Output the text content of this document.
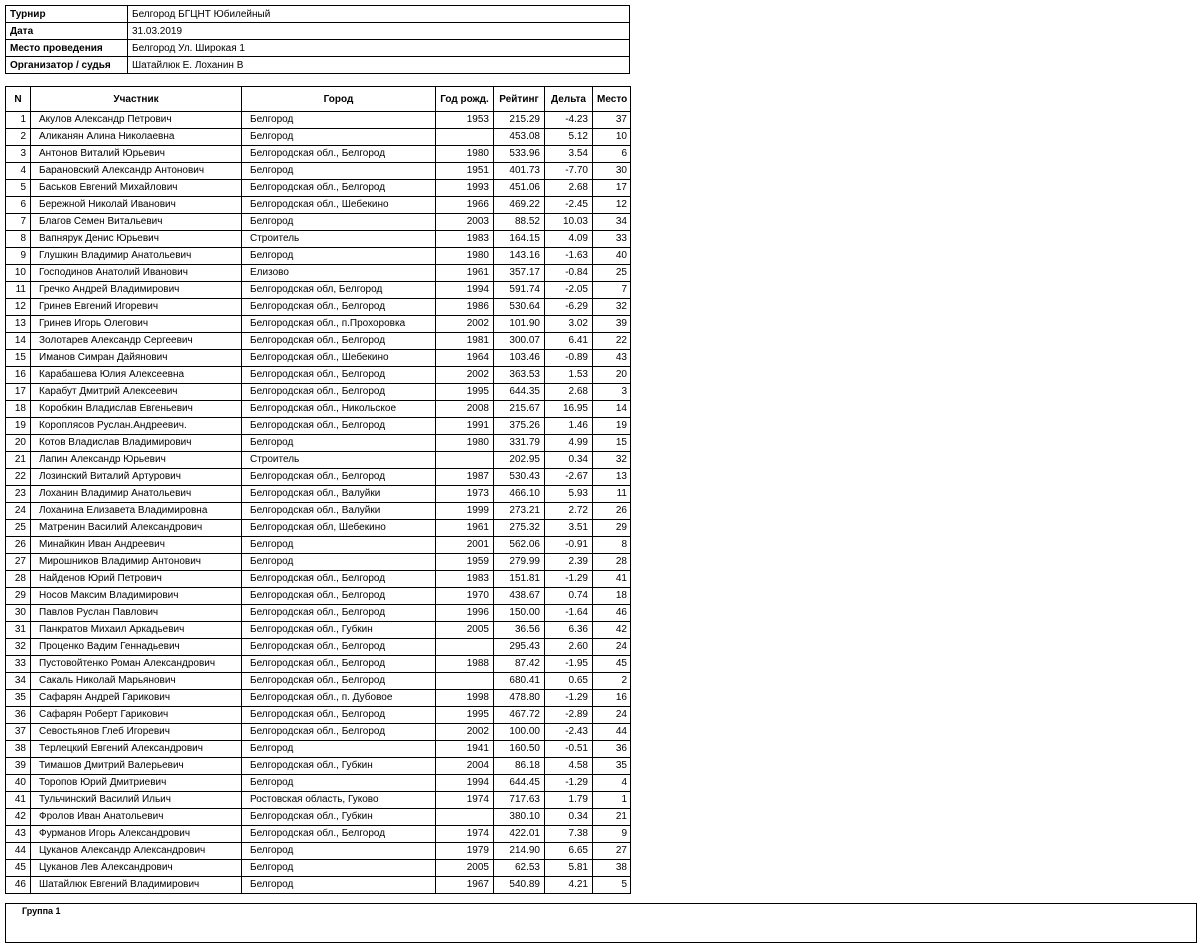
Турнир	Белгород БГЦНТ Юбилейный
Дата	31.03.2019
Место проведения	Белгород Ул. Широкая 1
Организатор / судья	Шатайлюк Е. Лоханин В
N	Участник	Город	Год рожд.	Рейтинг	Дельта	Место
1	Акулов Александр Петрович	Белгород	1953	215.29	-4.23	37
2	Аликанян Алина Николаевна	Белгород		453.08	5.12	10
3	Антонов Виталий Юрьевич	Белгородская обл., Белгород	1980	533.96	3.54	6
4	Барановский Александр Антонович	Белгород	1951	401.73	-7.70	30
5	Баськов Евгений Михайлович	Белгородская обл., Белгород	1993	451.06	2.68	17
6	Бережной Николай Иванович	Белгородская обл., Шебекино	1966	469.22	-2.45	12
7	Благов Семен Витальевич	Белгород	2003	88.52	10.03	34
8	Вапнярук Денис Юрьевич	Строитель	1983	164.15	4.09	33
9	Глушкин Владимир Анатольевич	Белгород	1980	143.16	-1.63	40
10	Господинов Анатолий Иванович	Елизово	1961	357.17	-0.84	25
11	Гречко Андрей Владимирович	Белгородская обл, Белгород	1994	591.74	-2.05	7
12	Гринев Евгений Игоревич	Белгородская обл., Белгород	1986	530.64	-6.29	32
13	Гринев Игорь Олегович	Белгородская обл., п.Прохоровка	2002	101.90	3.02	39
14	Золотарев Александр Сергеевич	Белгородская обл., Белгород	1981	300.07	6.41	22
15	Иманов Симран Дайянович	Белгородская обл., Шебекино	1964	103.46	-0.89	43
16	Карабашева Юлия Алексеевна	Белгородская обл., Белгород	2002	363.53	1.53	20
17	Карабут Дмитрий Алексеевич	Белгородская обл., Белгород	1995	644.35	2.68	3
18	Коробкин Владислав Евгеньевич	Белгородская обл., Никольское	2008	215.67	16.95	14
19	Короплясов Руслан.Андреевич.	Белгородская обл., Белгород	1991	375.26	1.46	19
20	Котов Владислав Владимирович	Белгород	1980	331.79	4.99	15
21	Лапин Александр Юрьевич	Строитель		202.95	0.34	32
22	Лозинский Виталий Артурович	Белгородская обл., Белгород	1987	530.43	-2.67	13
23	Лоханин Владимир Анатольевич	Белгородская обл., Валуйки	1973	466.10	5.93	11
24	Лоханина Елизавета Владимировна	Белгородская обл., Валуйки	1999	273.21	2.72	26
25	Матренин Василий Александрович	Белгородская обл, Шебекино	1961	275.32	3.51	29
26	Минайкин Иван Андреевич	Белгород	2001	562.06	-0.91	8
27	Мирошников Владимир Антонович	Белгород	1959	279.99	2.39	28
28	Найденов Юрий Петрович	Белгородская обл., Белгород	1983	151.81	-1.29	41
29	Носов Максим Владимирович	Белгородская обл., Белгород	1970	438.67	0.74	18
30	Павлов Руслан Павлович	Белгородская обл., Белгород	1996	150.00	-1.64	46
31	Панкратов Михаил Аркадьевич	Белгородская обл., Губкин	2005	36.56	6.36	42
32	Проценко Вадим Геннадьевич	Белгородская обл., Белгород		295.43	2.60	24
33	Пустовойтенко Роман Александрович	Белгородская обл., Белгород	1988	87.42	-1.95	45
34	Сакаль Николай Марьянович	Белгородская обл., Белгород		680.41	0.65	2
35	Сафарян Андрей Гарикович	Белгородская обл., п. Дубовое	1998	478.80	-1.29	16
36	Сафарян Роберт Гарикович	Белгородская обл., Белгород	1995	467.72	-2.89	24
37	Севостьянов Глеб Игоревич	Белгородская обл., Белгород	2002	100.00	-2.43	44
38	Терлецкий Евгений Александрович	Белгород	1941	160.50	-0.51	36
39	Тимашов Дмитрий Валерьевич	Белгородская обл., Губкин	2004	86.18	4.58	35
40	Торопов Юрий Дмитриевич	Белгород	1994	644.45	-1.29	4
41	Тульчинский Василий Ильич	Ростовская область, Гуково	1974	717.63	1.79	1
42	Фролов Иван Анатольевич	Белгородская обл., Губкин		380.10	0.34	21
43	Фурманов Игорь Александрович	Белгородская обл., Белгород	1974	422.01	7.38	9
44	Цуканов Александр Александрович	Белгород	1979	214.90	6.65	27
45	Цуканов Лев Александрович	Белгород	2005	62.53	5.81	38
46	Шатайлюк Евгений Владимирович	Белгород	1967	540.89	4.21	5
Группа 1
